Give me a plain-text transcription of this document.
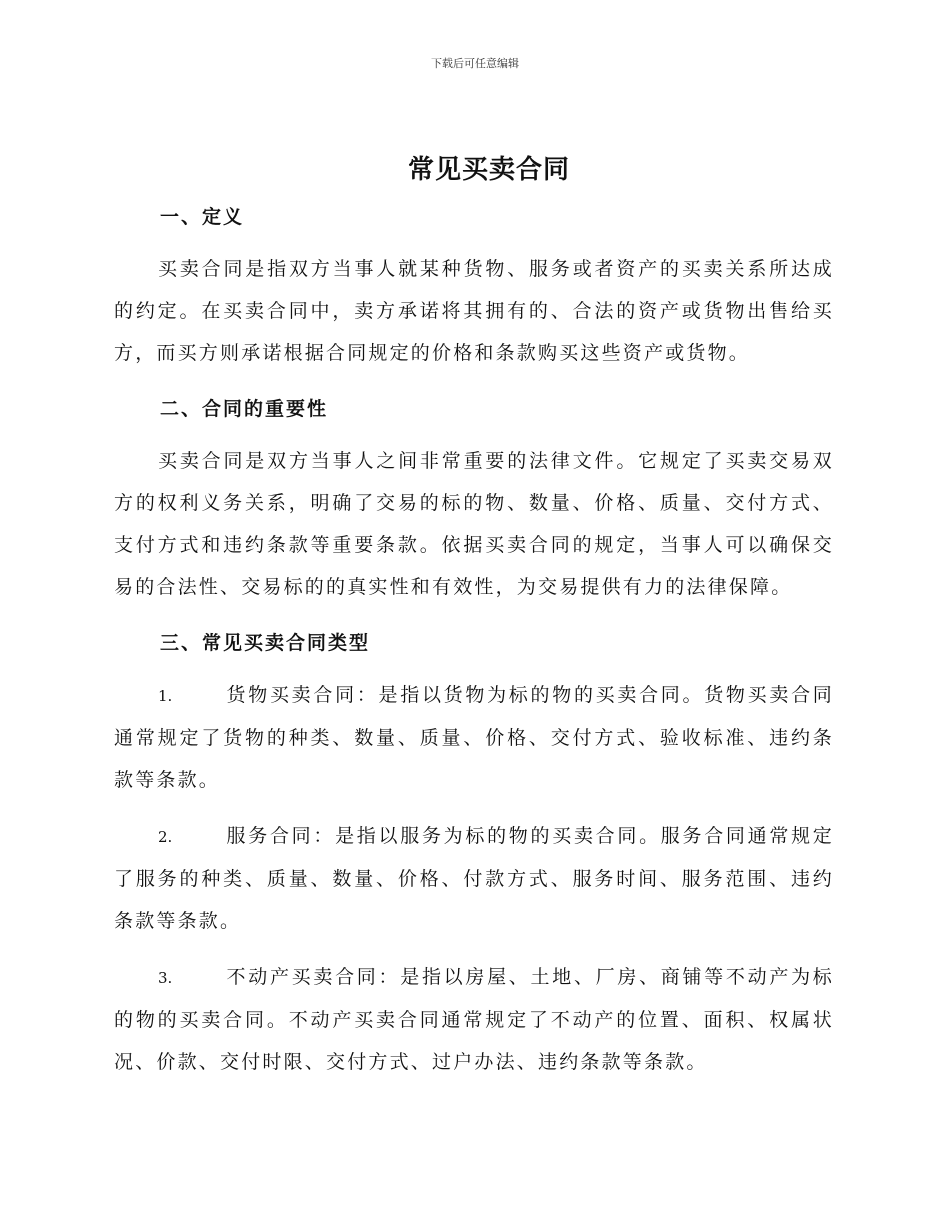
下载后可任意编辑
常见买卖合同
一、定义

买卖合同是指双方当事人就某种货物、服务或者资产的买卖关系所达成的约定。在买卖合同中，卖方承诺将其拥有的、合法的资产或货物出售给买方，而买方则承诺根据合同规定的价格和条款购买这些资产或货物。

二、合同的重要性

买卖合同是双方当事人之间非常重要的法律文件。它规定了买卖交易双方的权利义务关系，明确了交易的标的物、数量、价格、质量、交付方式、支付方式和违约条款等重要条款。依据买卖合同的规定，当事人可以确保交易的合法性、交易标的的真实性和有效性，为交易提供有力的法律保障。

三、常见买卖合同类型

1.	货物买卖合同：是指以货物为标的物的买卖合同。货物买卖合同通常规定了货物的种类、数量、质量、价格、交付方式、验收标准、违约条款等条款。

2.	服务合同：是指以服务为标的物的买卖合同。服务合同通常规定了服务的种类、质量、数量、价格、付款方式、服务时间、服务范围、违约条款等条款。

3.	不动产买卖合同：是指以房屋、土地、厂房、商铺等不动产为标的物的买卖合同。不动产买卖合同通常规定了不动产的位置、面积、权属状况、价款、交付时限、交付方式、过户办法、违约条款等条款。
